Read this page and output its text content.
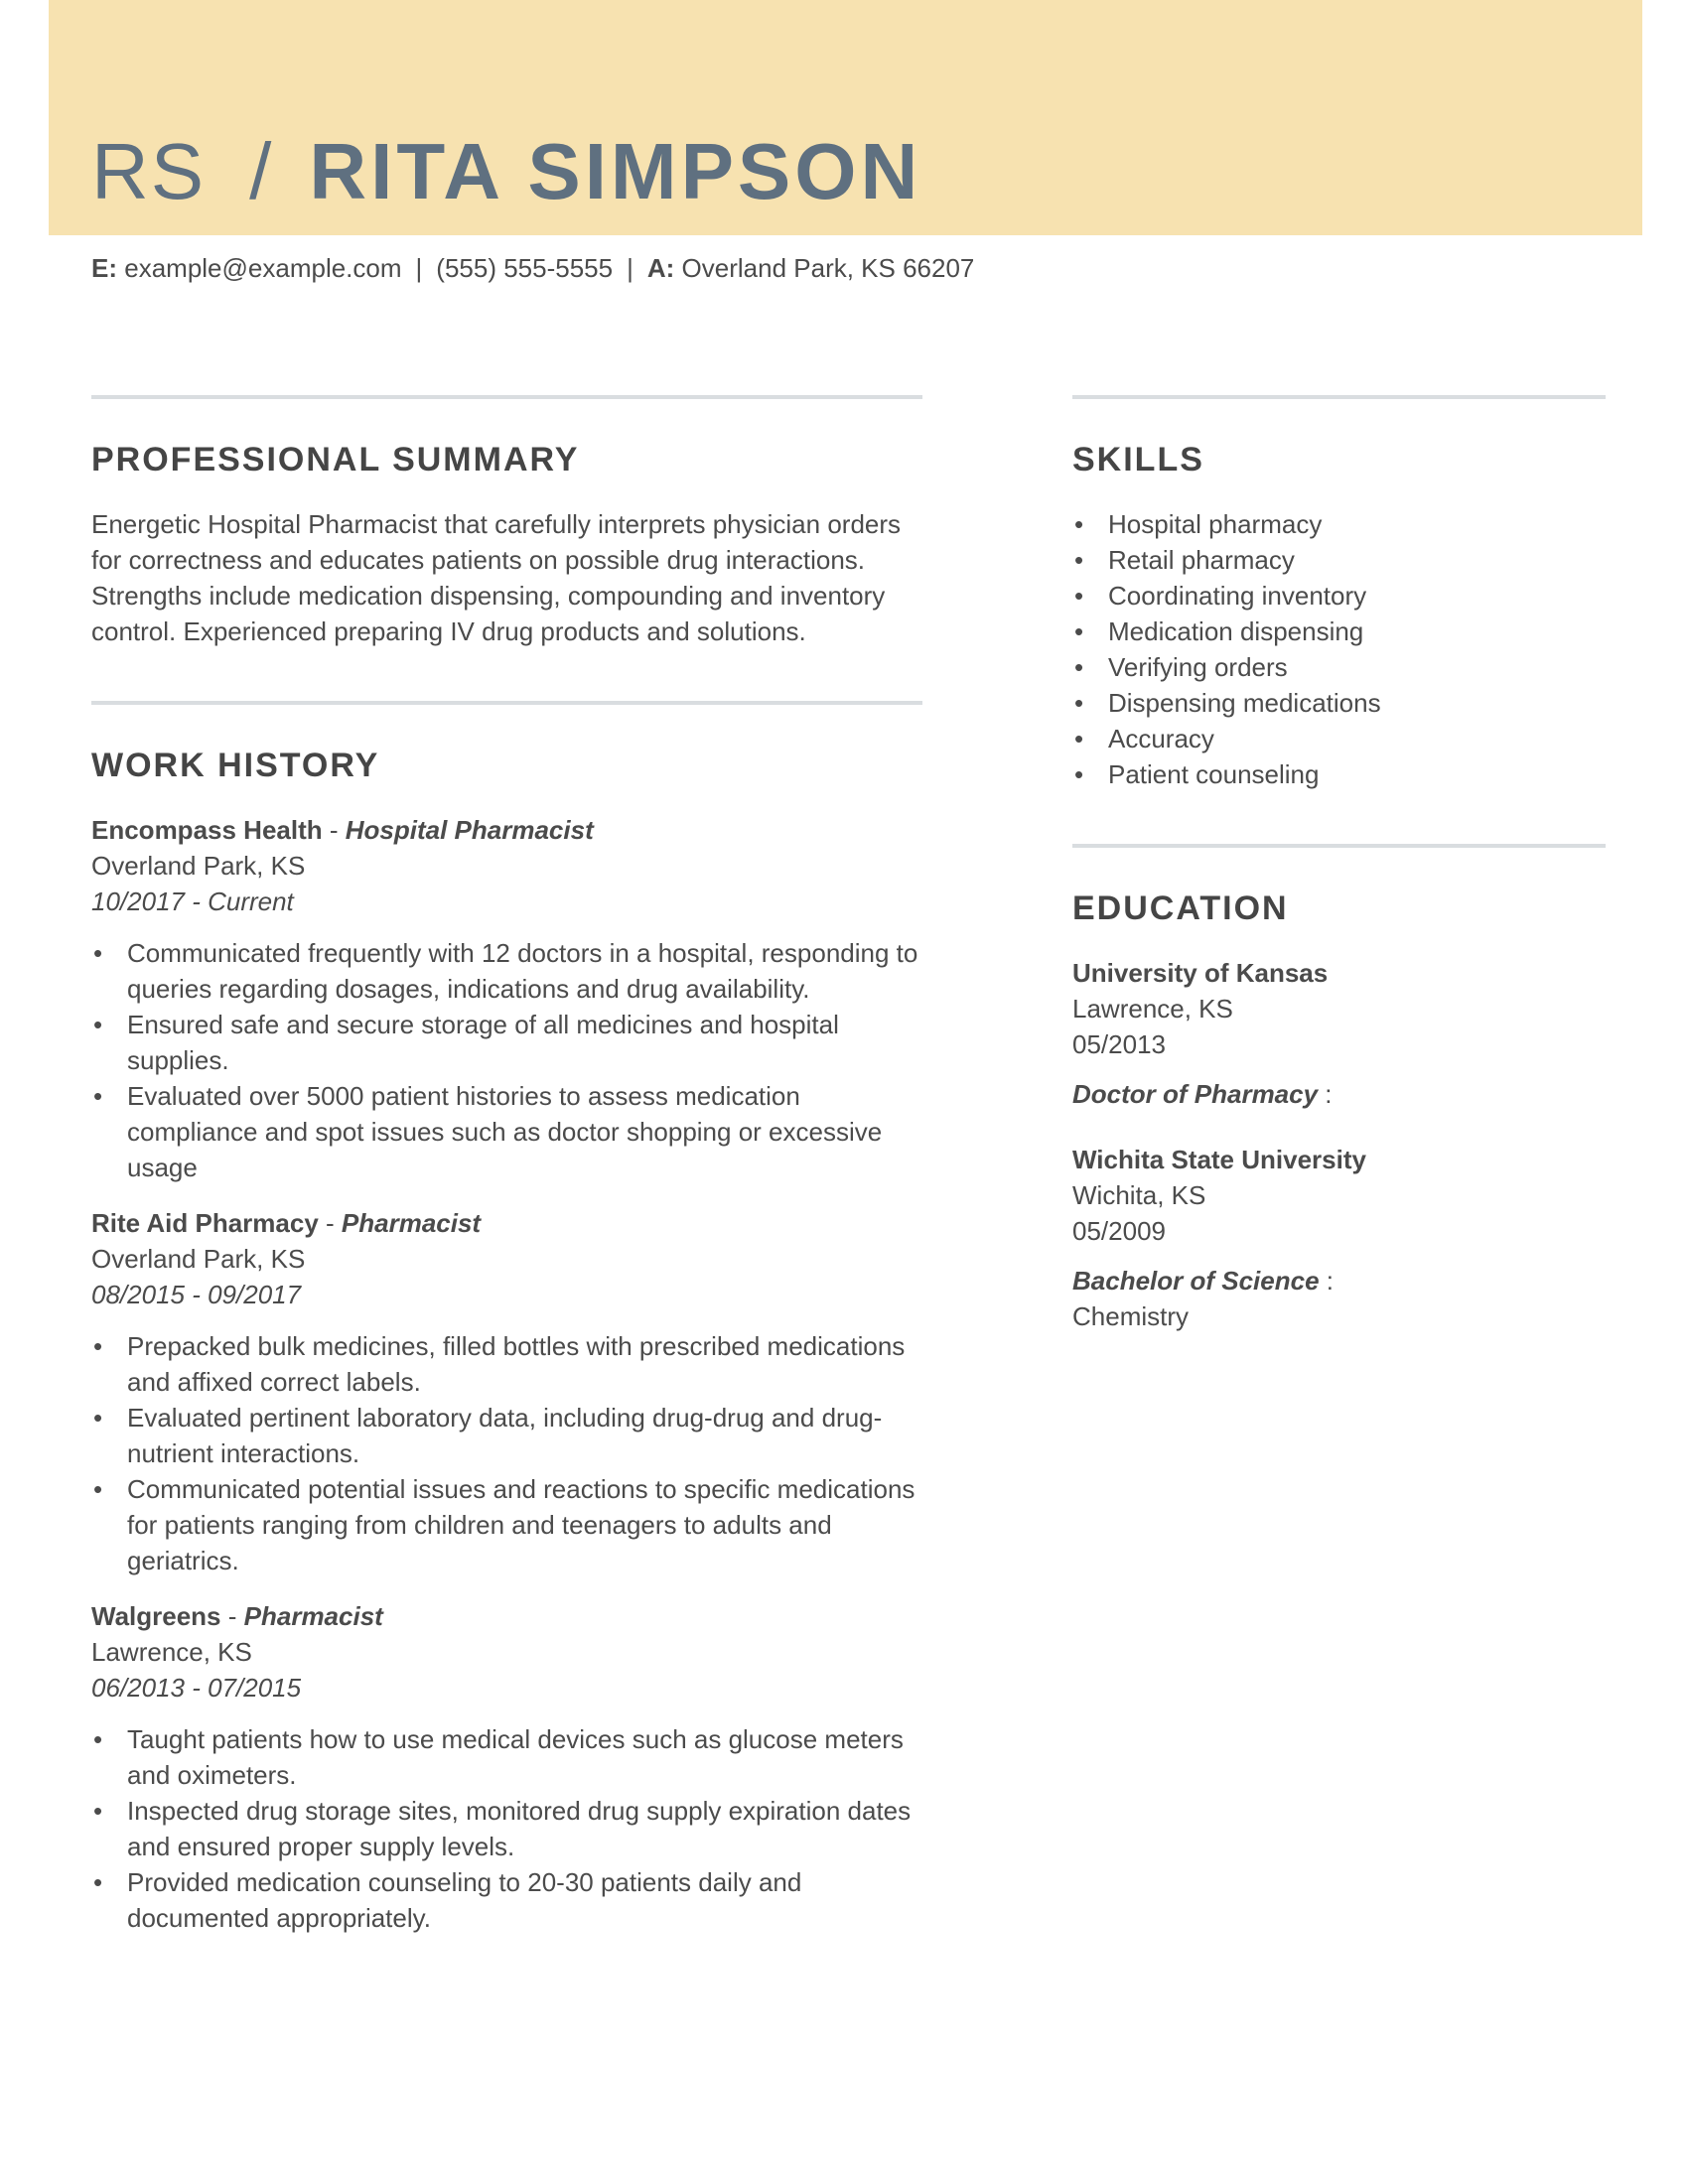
RS / RITA SIMPSON
E: example@example.com | (555) 555-5555 | A: Overland Park, KS 66207
PROFESSIONAL SUMMARY

Energetic Hospital Pharmacist that carefully interprets physician orders for correctness and educates patients on possible drug interactions. Strengths include medication dispensing, compounding and inventory control. Experienced preparing IV drug products and solutions.

WORK HISTORY
Encompass Health - Hospital Pharmacist
Overland Park, KS
10/2017 - Current
• Communicated frequently with 12 doctors in a hospital, responding to queries regarding dosages, indications and drug availability.
• Ensured safe and secure storage of all medicines and hospital supplies.
• Evaluated over 5000 patient histories to assess medication compliance and spot issues such as doctor shopping or excessive usage
Rite Aid Pharmacy - Pharmacist
Overland Park, KS
08/2015 - 09/2017
• Prepacked bulk medicines, filled bottles with prescribed medications and affixed correct labels.
• Evaluated pertinent laboratory data, including drug-drug and drug-nutrient interactions.
• Communicated potential issues and reactions to specific medications for patients ranging from children and teenagers to adults and geriatrics.
Walgreens - Pharmacist
Lawrence, KS
06/2013 - 07/2015
• Taught patients how to use medical devices such as glucose meters and oximeters.
• Inspected drug storage sites, monitored drug supply expiration dates and ensured proper supply levels.
• Provided medication counseling to 20-30 patients daily and documented appropriately.
SKILLS
• Hospital pharmacy
• Retail pharmacy
• Coordinating inventory
• Medication dispensing
• Verifying orders
• Dispensing medications
• Accuracy
• Patient counseling
EDUCATION
University of Kansas
Lawrence, KS
05/2013
Doctor of Pharmacy :
Wichita State University
Wichita, KS
05/2009
Bachelor of Science :
Chemistry
